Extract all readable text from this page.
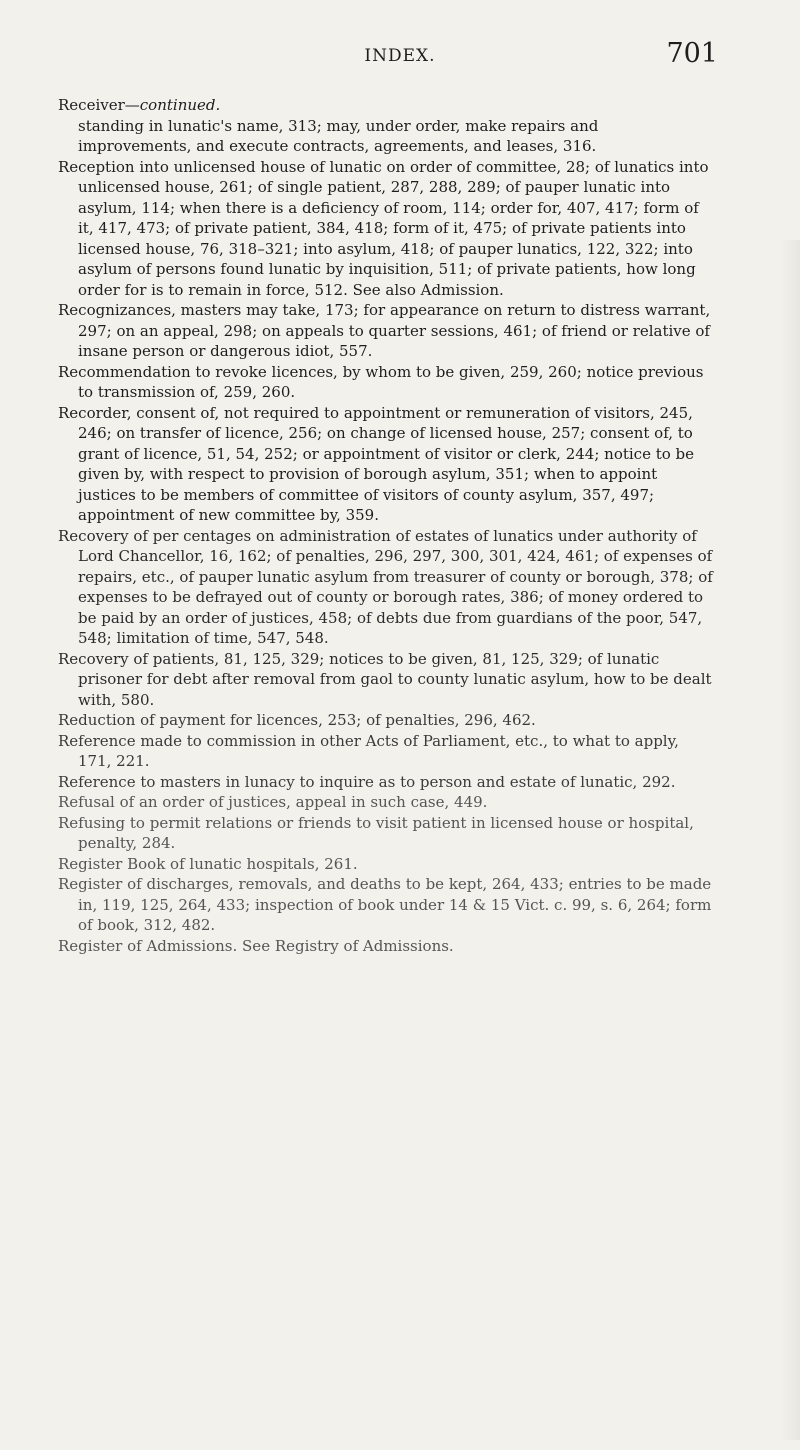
INDEX.	701

Receiver—continued.

standing in lunatic's name, 313; may, under order, make repairs and improvements, and execute contracts, agreements, and leases, 316.

Reception into unlicensed house of lunatic on order of committee, 28; of lunatics into unlicensed house, 261; of single patient, 287, 288, 289; of pauper lunatic into asylum, 114; when there is a deficiency of room, 114; order for, 407, 417; form of it, 417, 473; of private patient, 384, 418; form of it, 475; of private patients into licensed house, 76, 318–321; into asylum, 418; of pauper lunatics, 122, 322; into asylum of persons found lunatic by inquisition, 511; of private patients, how long order for is to remain in force, 512. See also Admission.

Recognizances, masters may take, 173; for appearance on return to distress warrant, 297; on an appeal, 298; on appeals to quarter sessions, 461; of friend or relative of insane person or dangerous idiot, 557.

Recommendation to revoke licences, by whom to be given, 259, 260; notice previous to transmission of, 259, 260.

Recorder, consent of, not required to appointment or remuneration of visitors, 245, 246; on transfer of licence, 256; on change of licensed house, 257; consent of, to grant of licence, 51, 54, 252; or appointment of visitor or clerk, 244; notice to be given by, with respect to provision of borough asylum, 351; when to appoint justices to be members of committee of visitors of county asylum, 357, 497; appointment of new committee by, 359.

Recovery of per centages on administration of estates of lunatics under authority of Lord Chancellor, 16, 162; of penalties, 296, 297, 300, 301, 424, 461; of expenses of repairs, etc., of pauper lunatic asylum from treasurer of county or borough, 378; of expenses to be defrayed out of county or borough rates, 386; of money ordered to be paid by an order of justices, 458; of debts due from guardians of the poor, 547, 548; limitation of time, 547, 548.

Recovery of patients, 81, 125, 329; notices to be given, 81, 125, 329; of lunatic prisoner for debt after removal from gaol to county lunatic asylum, how to be dealt with, 580.

Reduction of payment for licences, 253; of penalties, 296, 462.

Reference made to commission in other Acts of Parliament, etc., to what to apply, 171, 221.

Reference to masters in lunacy to inquire as to person and estate of lunatic, 292.

Refusal of an order of justices, appeal in such case, 449.

Refusing to permit relations or friends to visit patient in licensed house or hospital, penalty, 284.

Register Book of lunatic hospitals, 261.

Register of discharges, removals, and deaths to be kept, 264, 433; entries to be made in, 119, 125, 264, 433; inspection of book under 14 & 15 Vict. c. 99, s. 6, 264; form of book, 312, 482.

Register of Admissions. See Registry of Admissions.
